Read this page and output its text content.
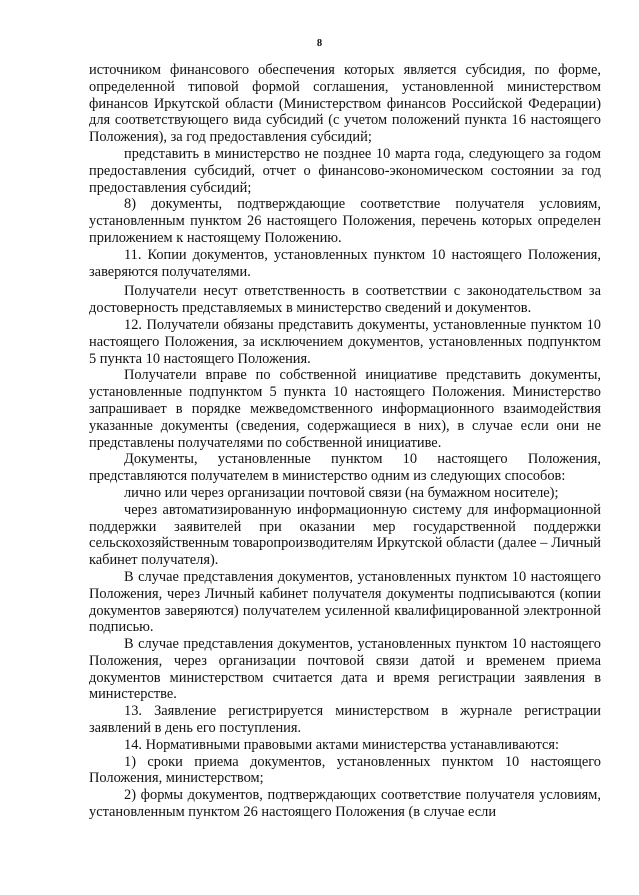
8

источником финансового обеспечения которых является субсидия, по форме, определенной типовой формой соглашения, установленной министерством финансов Иркутской области (Министерством финансов Российской Федерации) для соответствующего вида субсидий (с учетом положений пункта 16 настоящего Положения), за год предоставления субсидий;

представить в министерство не позднее 10 марта года, следующего за годом предоставления субсидий, отчет о финансово-экономическом состоянии за год предоставления субсидий;

8) документы, подтверждающие соответствие получателя условиям, установленным пунктом 26 настоящего Положения, перечень которых определен приложением к настоящему Положению.

11. Копии документов, установленных пунктом 10 настоящего Положения, заверяются получателями.

Получатели несут ответственность в соответствии с законодательством за достоверность представляемых в министерство сведений и документов.

12. Получатели обязаны представить документы, установленные пунктом 10 настоящего Положения, за исключением документов, установленных подпунктом 5 пункта 10 настоящего Положения.

Получатели вправе по собственной инициативе представить документы, установленные подпунктом 5 пункта 10 настоящего Положения. Министерство запрашивает в порядке межведомственного информационного взаимодействия указанные документы (сведения, содержащиеся в них), в случае если они не представлены получателями по собственной инициативе.

Документы, установленные пунктом 10 настоящего Положения, представляются получателем в министерство одним из следующих способов:

лично или через организации почтовой связи (на бумажном носителе);

через автоматизированную информационную систему для информационной поддержки заявителей при оказании мер государственной поддержки сельскохозяйственным товаропроизводителям Иркутской области (далее – Личный кабинет получателя).

В случае представления документов, установленных пунктом 10 настоящего Положения, через Личный кабинет получателя документы подписываются (копии документов заверяются) получателем усиленной квалифицированной электронной подписью.

В случае представления документов, установленных пунктом 10 настоящего Положения, через организации почтовой связи датой и временем приема документов министерством считается дата и время регистрации заявления в министерстве.

13. Заявление регистрируется министерством в журнале регистрации заявлений в день его поступления.

14. Нормативными правовыми актами министерства устанавливаются:

1) сроки приема документов, установленных пунктом 10 настоящего Положения, министерством;

2) формы документов, подтверждающих соответствие получателя условиям, установленным пунктом 26 настоящего Положения (в случае если
